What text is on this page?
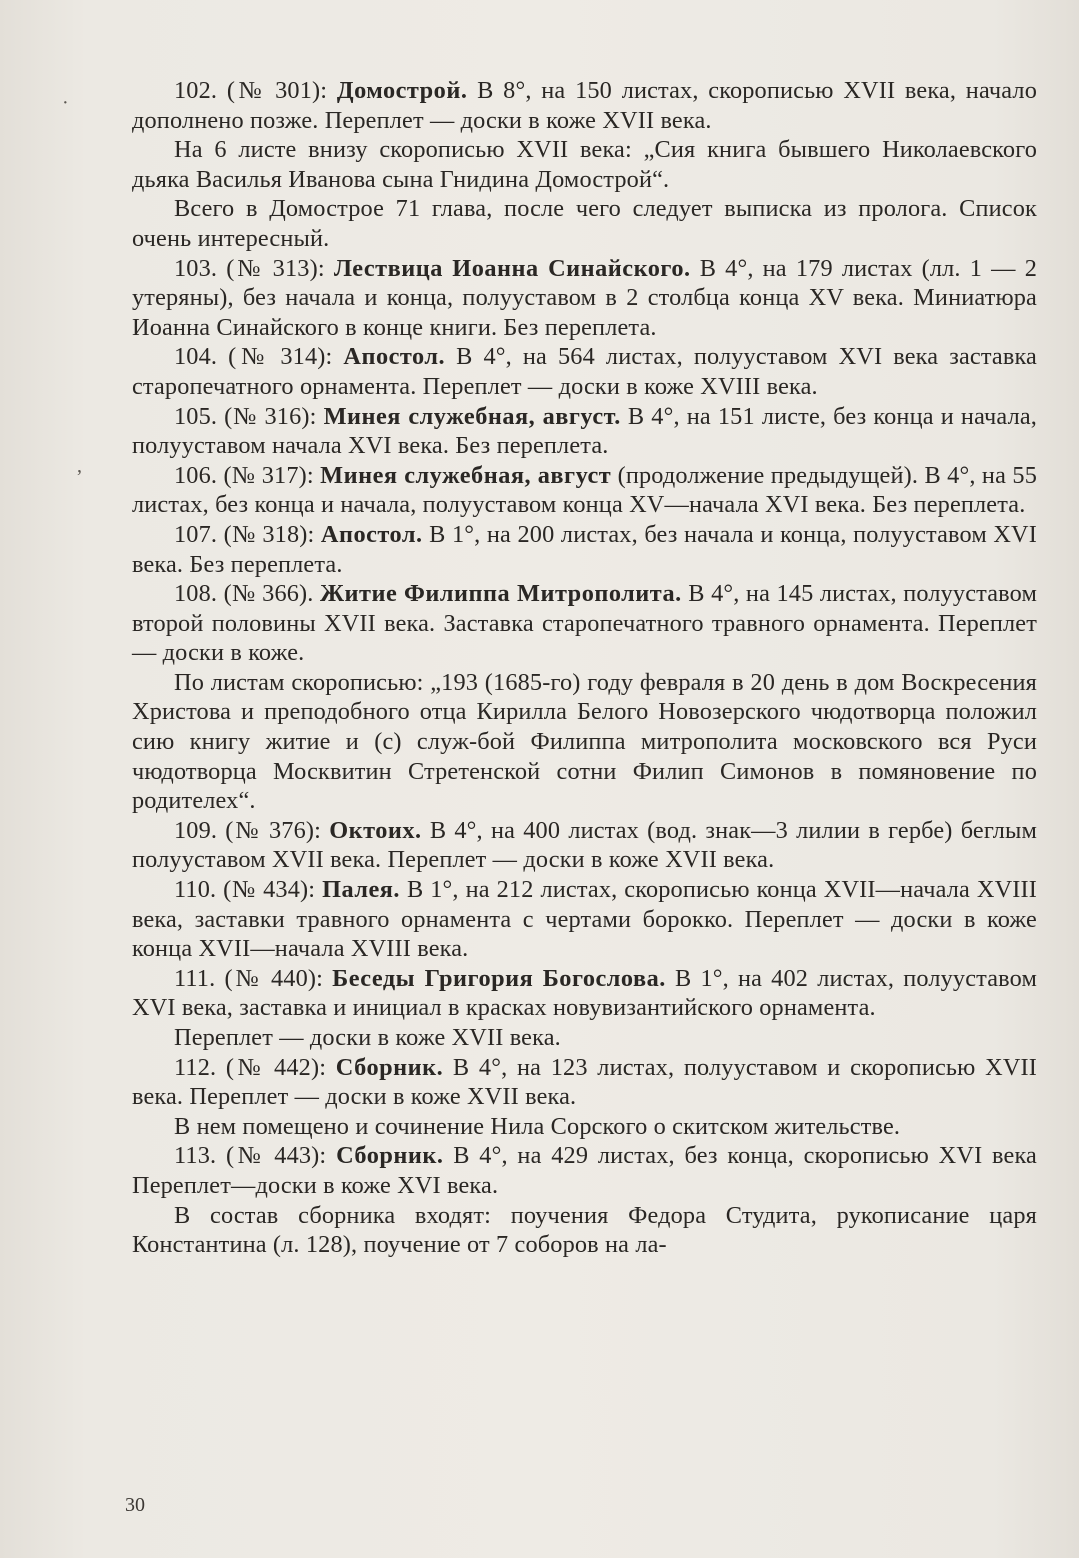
·
‚

102. (№ 301): Домострой. В 8°, на 150 листах, скорописью XVII века, начало дополнено позже. Переплет — доски в коже XVII века.

На 6 листе внизу скорописью XVII века: „Сия книга бывшего Николаевского дьяка Василья Иванова сына Гнидина Домострой“.

Всего в Домострое 71 глава, после чего следует выписка из пролога. Список очень интересный.

103. (№ 313): Лествица Иоанна Синайского. В 4°, на 179 листах (лл. 1 — 2 утеряны), без начала и конца, полууставом в 2 столбца конца XV века. Миниатюра Иоанна Синайского в конце книги. Без переплета.

104. (№ 314): Апостол. В 4°, на 564 листах, полууставом XVI века заставка старопечатного орнамента. Переплет — доски в коже XVIII века.

105. (№ 316): Минея служебная, август. В 4°, на 151 листе, без конца и начала, полууставом начала XVI века. Без переплета.

106. (№ 317): Минея служебная, август (продолжение предыдущей). В 4°, на 55 листах, без конца и начала, полууставом конца XV—начала XVI века. Без переплета.

107. (№ 318): Апостол. В 1°, на 200 листах, без начала и конца, полууставом XVI века. Без переплета.

108. (№ 366). Житие Филиппа Митрополита. В 4°, на 145 листах, полууставом второй половины XVII века. Заставка старопечатного травного орнамента. Переплет — доски в коже.

По листам скорописью: „193 (1685-го) году февраля в 20 день в дом Воскресения Христова и преподобного отца Кирилла Белого Новозерского чюдотворца положил сию книгу житие и (с) служ-бой Филиппа митрополита московского вся Руси чюдотворца Москвитин Стретенской сотни Филип Симонов в помяновение по родителех“.

109. (№ 376): Октоих. В 4°, на 400 листах (вод. знак—3 лилии в гербе) беглым полууставом XVII века. Переплет — доски в коже XVII века.

110. (№ 434): Палея. В 1°, на 212 листах, скорописью конца XVII—начала XVIII века, заставки травного орнамента с чертами борокко. Переплет — доски в коже конца XVII—начала XVIII века.

111. (№ 440): Беседы Григория Богослова. В 1°, на 402 листах, полууставом XVI века, заставка и инициал в красках новувизантийского орнамента.

Переплет — доски в коже XVII века.

112. (№ 442): Сборник. В 4°, на 123 листах, полууставом и скорописью XVII века. Переплет — доски в коже XVII века.

В нем помещено и сочинение Нила Сорского о скитском жительстве.

113. (№ 443): Сборник. В 4°, на 429 листах, без конца, скорописью XVI века Переплет—доски в коже XVI века.

В состав сборника входят: поучения Федора Студита, рукописание царя Константина (л. 128), поучение от 7 соборов на ла-

30
